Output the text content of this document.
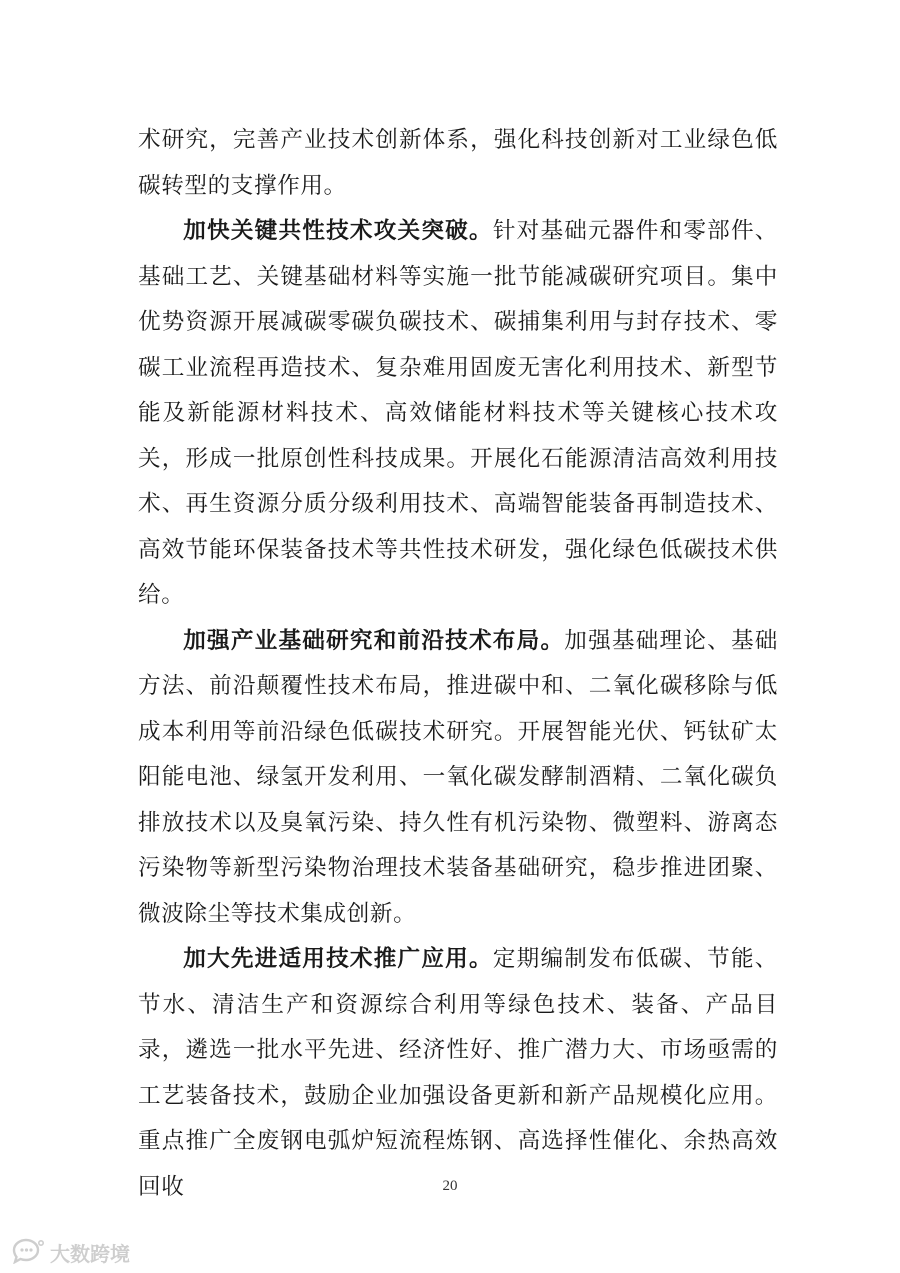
术研究，完善产业技术创新体系，强化科技创新对工业绿色低碳转型的支撑作用。

加快关键共性技术攻关突破。针对基础元器件和零部件、基础工艺、关键基础材料等实施一批节能减碳研究项目。集中优势资源开展减碳零碳负碳技术、碳捕集利用与封存技术、零碳工业流程再造技术、复杂难用固废无害化利用技术、新型节能及新能源材料技术、高效储能材料技术等关键核心技术攻关，形成一批原创性科技成果。开展化石能源清洁高效利用技术、再生资源分质分级利用技术、高端智能装备再制造技术、高效节能环保装备技术等共性技术研发，强化绿色低碳技术供给。

加强产业基础研究和前沿技术布局。加强基础理论、基础方法、前沿颠覆性技术布局，推进碳中和、二氧化碳移除与低成本利用等前沿绿色低碳技术研究。开展智能光伏、钙钛矿太阳能电池、绿氢开发利用、一氧化碳发酵制酒精、二氧化碳负排放技术以及臭氧污染、持久性有机污染物、微塑料、游离态污染物等新型污染物治理技术装备基础研究，稳步推进团聚、微波除尘等技术集成创新。

加大先进适用技术推广应用。定期编制发布低碳、节能、节水、清洁生产和资源综合利用等绿色技术、装备、产品目录，遴选一批水平先进、经济性好、推广潜力大、市场亟需的工艺装备技术，鼓励企业加强设备更新和新产品规模化应用。重点推广全废钢电弧炉短流程炼钢、高选择性催化、余热高效回收	20
大数跨境
